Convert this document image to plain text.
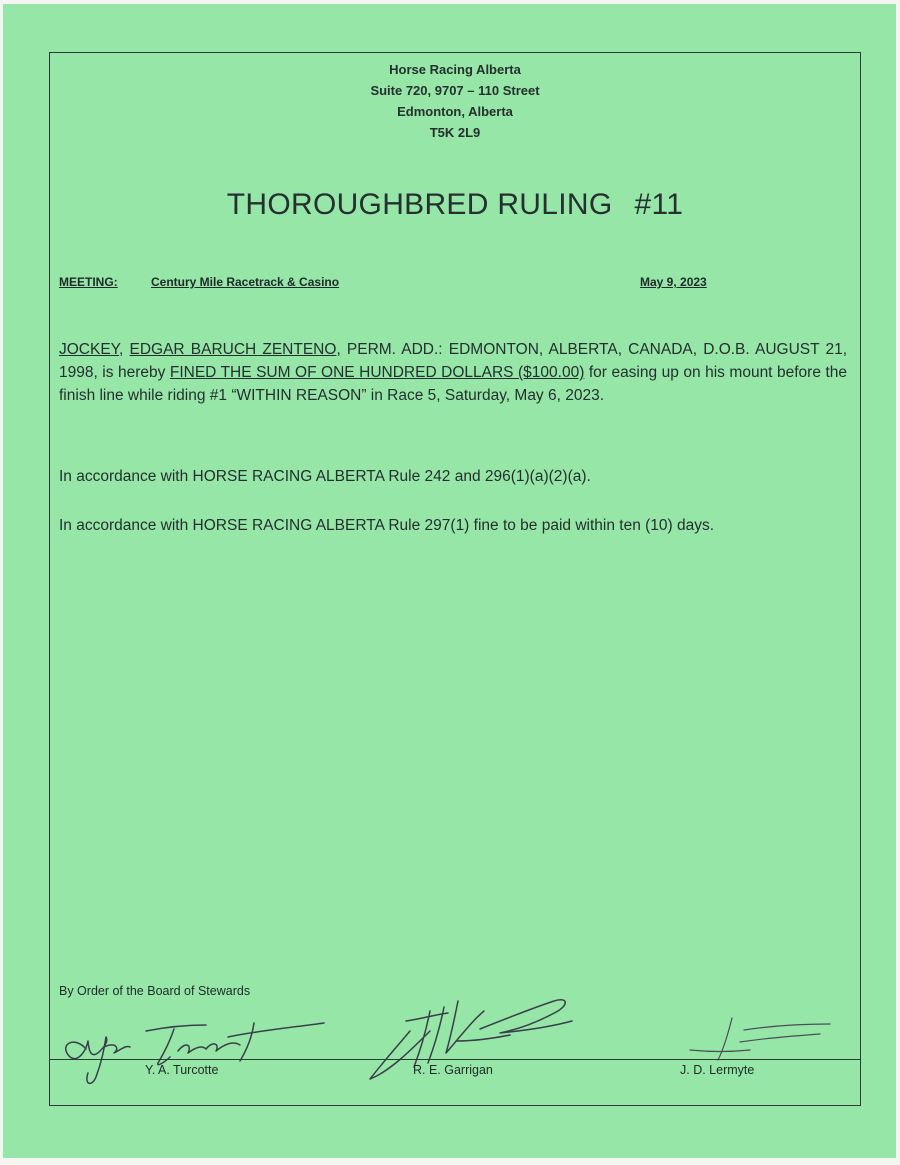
Horse Racing Alberta
Suite 720, 9707 – 110 Street
Edmonton, Alberta
T5K 2L9
THOROUGHBRED RULING #11
MEETING:	Century Mile Racetrack & Casino	May 9, 2023
JOCKEY, EDGAR BARUCH ZENTENO, PERM. ADD.: EDMONTON, ALBERTA, CANADA, D.O.B. AUGUST 21, 1998, is hereby FINED THE SUM OF ONE HUNDRED DOLLARS ($100.00) for easing up on his mount before the finish line while riding #1 “WITHIN REASON” in Race 5, Saturday, May 6, 2023.
In accordance with HORSE RACING ALBERTA Rule 242 and 296(1)(a)(2)(a).
In accordance with HORSE RACING ALBERTA Rule 297(1) fine to be paid within ten (10) days.
By Order of the Board of Stewards
Y. A. Turcotte	R. E. Garrigan	J. D. Lermyte
